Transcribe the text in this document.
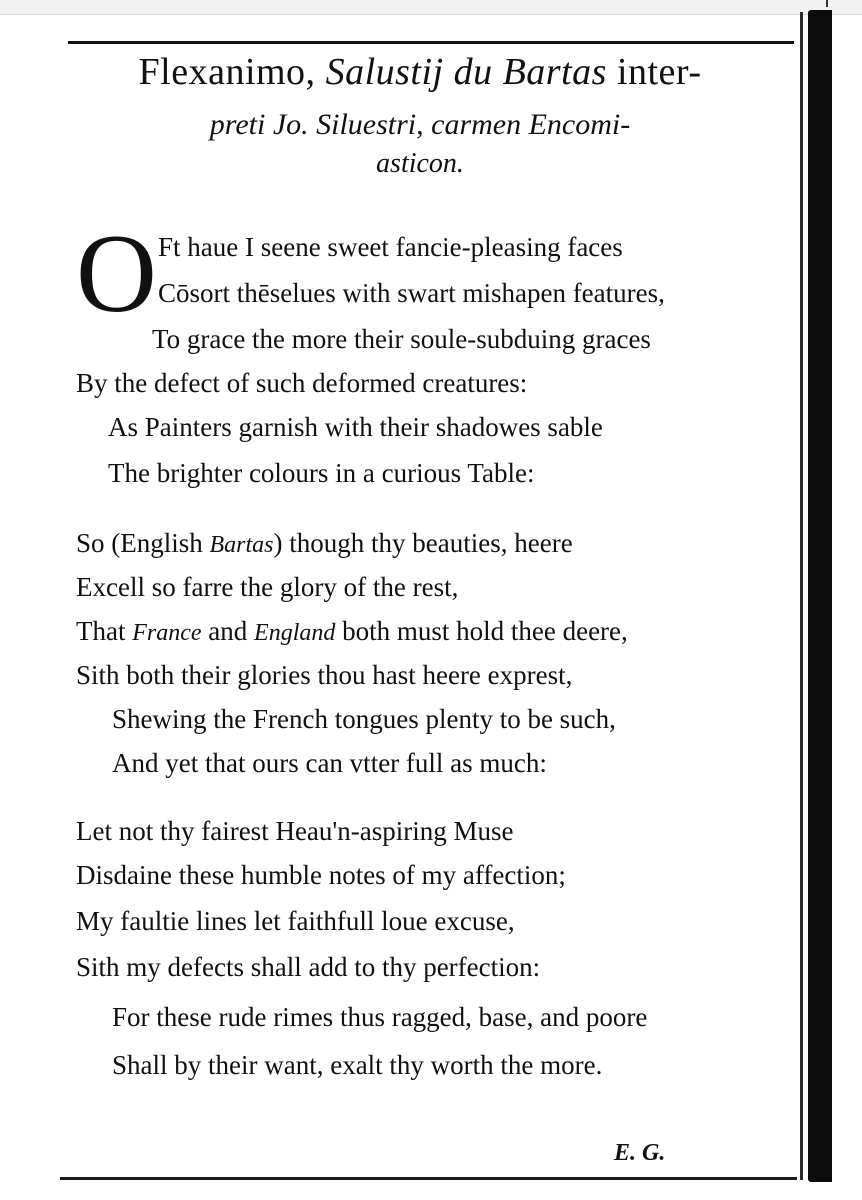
Flexanimo, Salustij du Bartas inter-
preti Jo. Siluestri, carmen Encomi-
asticon.
O Ft haue I seene sweet fancie-pleasing faces
Cōsort thēselues with swart mishapen features,
To grace the more their soule-subduing graces
By the defect of such deformed creatures:
As Painters garnish with their shadowes sable
The brighter colours in a curious Table:
So (English Bartas) though thy beauties, heere
Excell so farre the glory of the rest,
That France and England both must hold thee deere,
Sith both their glories thou hast heere exprest,
Shewing the French tongues plenty to be such,
And yet that ours can vtter full as much:
Let not thy fairest Heau'n-aspiring Muse
Disdaine these humble notes of my affection;
My faultie lines let faithfull loue excuse,
Sith my defects shall add to thy perfection:
For these rude rimes thus ragged, base, and poore
Shall by their want, exalt thy worth the more.
E. G.
